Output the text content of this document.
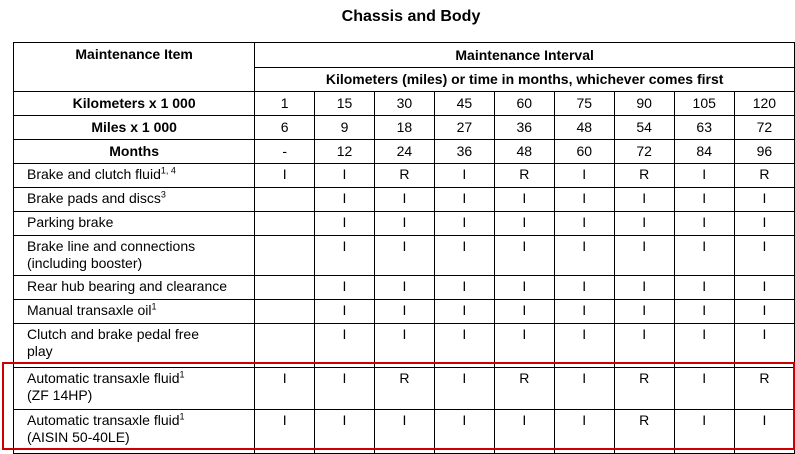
Chassis and Body
Maintenance Item	Maintenance Interval								
	Kilometers (miles) or time in months, whichever comes first								
Kilometers x 1 000	1	15	30	45	60	75	90	105	120
Miles x 1 000	6	9	18	27	36	48	54	63	72
Months	-	12	24	36	48	60	72	84	96
Brake and clutch fluid$^{1, 4}$	I	I	R	I	R	I	R	I	R
Brake pads and discs$^3$		I	I	I	I	I	I	I	I
Parking brake		I	I	I	I	I	I	I	I
Brake line and connections
(including booster)		I	I	I	I	I	I	I	I
Rear hub bearing and clearance		I	I	I	I	I	I	I	I
Manual transaxle oil$^1$		I	I	I	I	I	I	I	I
Clutch and brake pedal free
play		I	I	I	I	I	I	I	I
Automatic transaxle fluid$^1$
(ZF 14HP)	I	I	R	I	R	I	R	I	R
Automatic transaxle fluid$^1$
(AISIN 50-40LE)	I	I	I	I	I	I	R	I	I
